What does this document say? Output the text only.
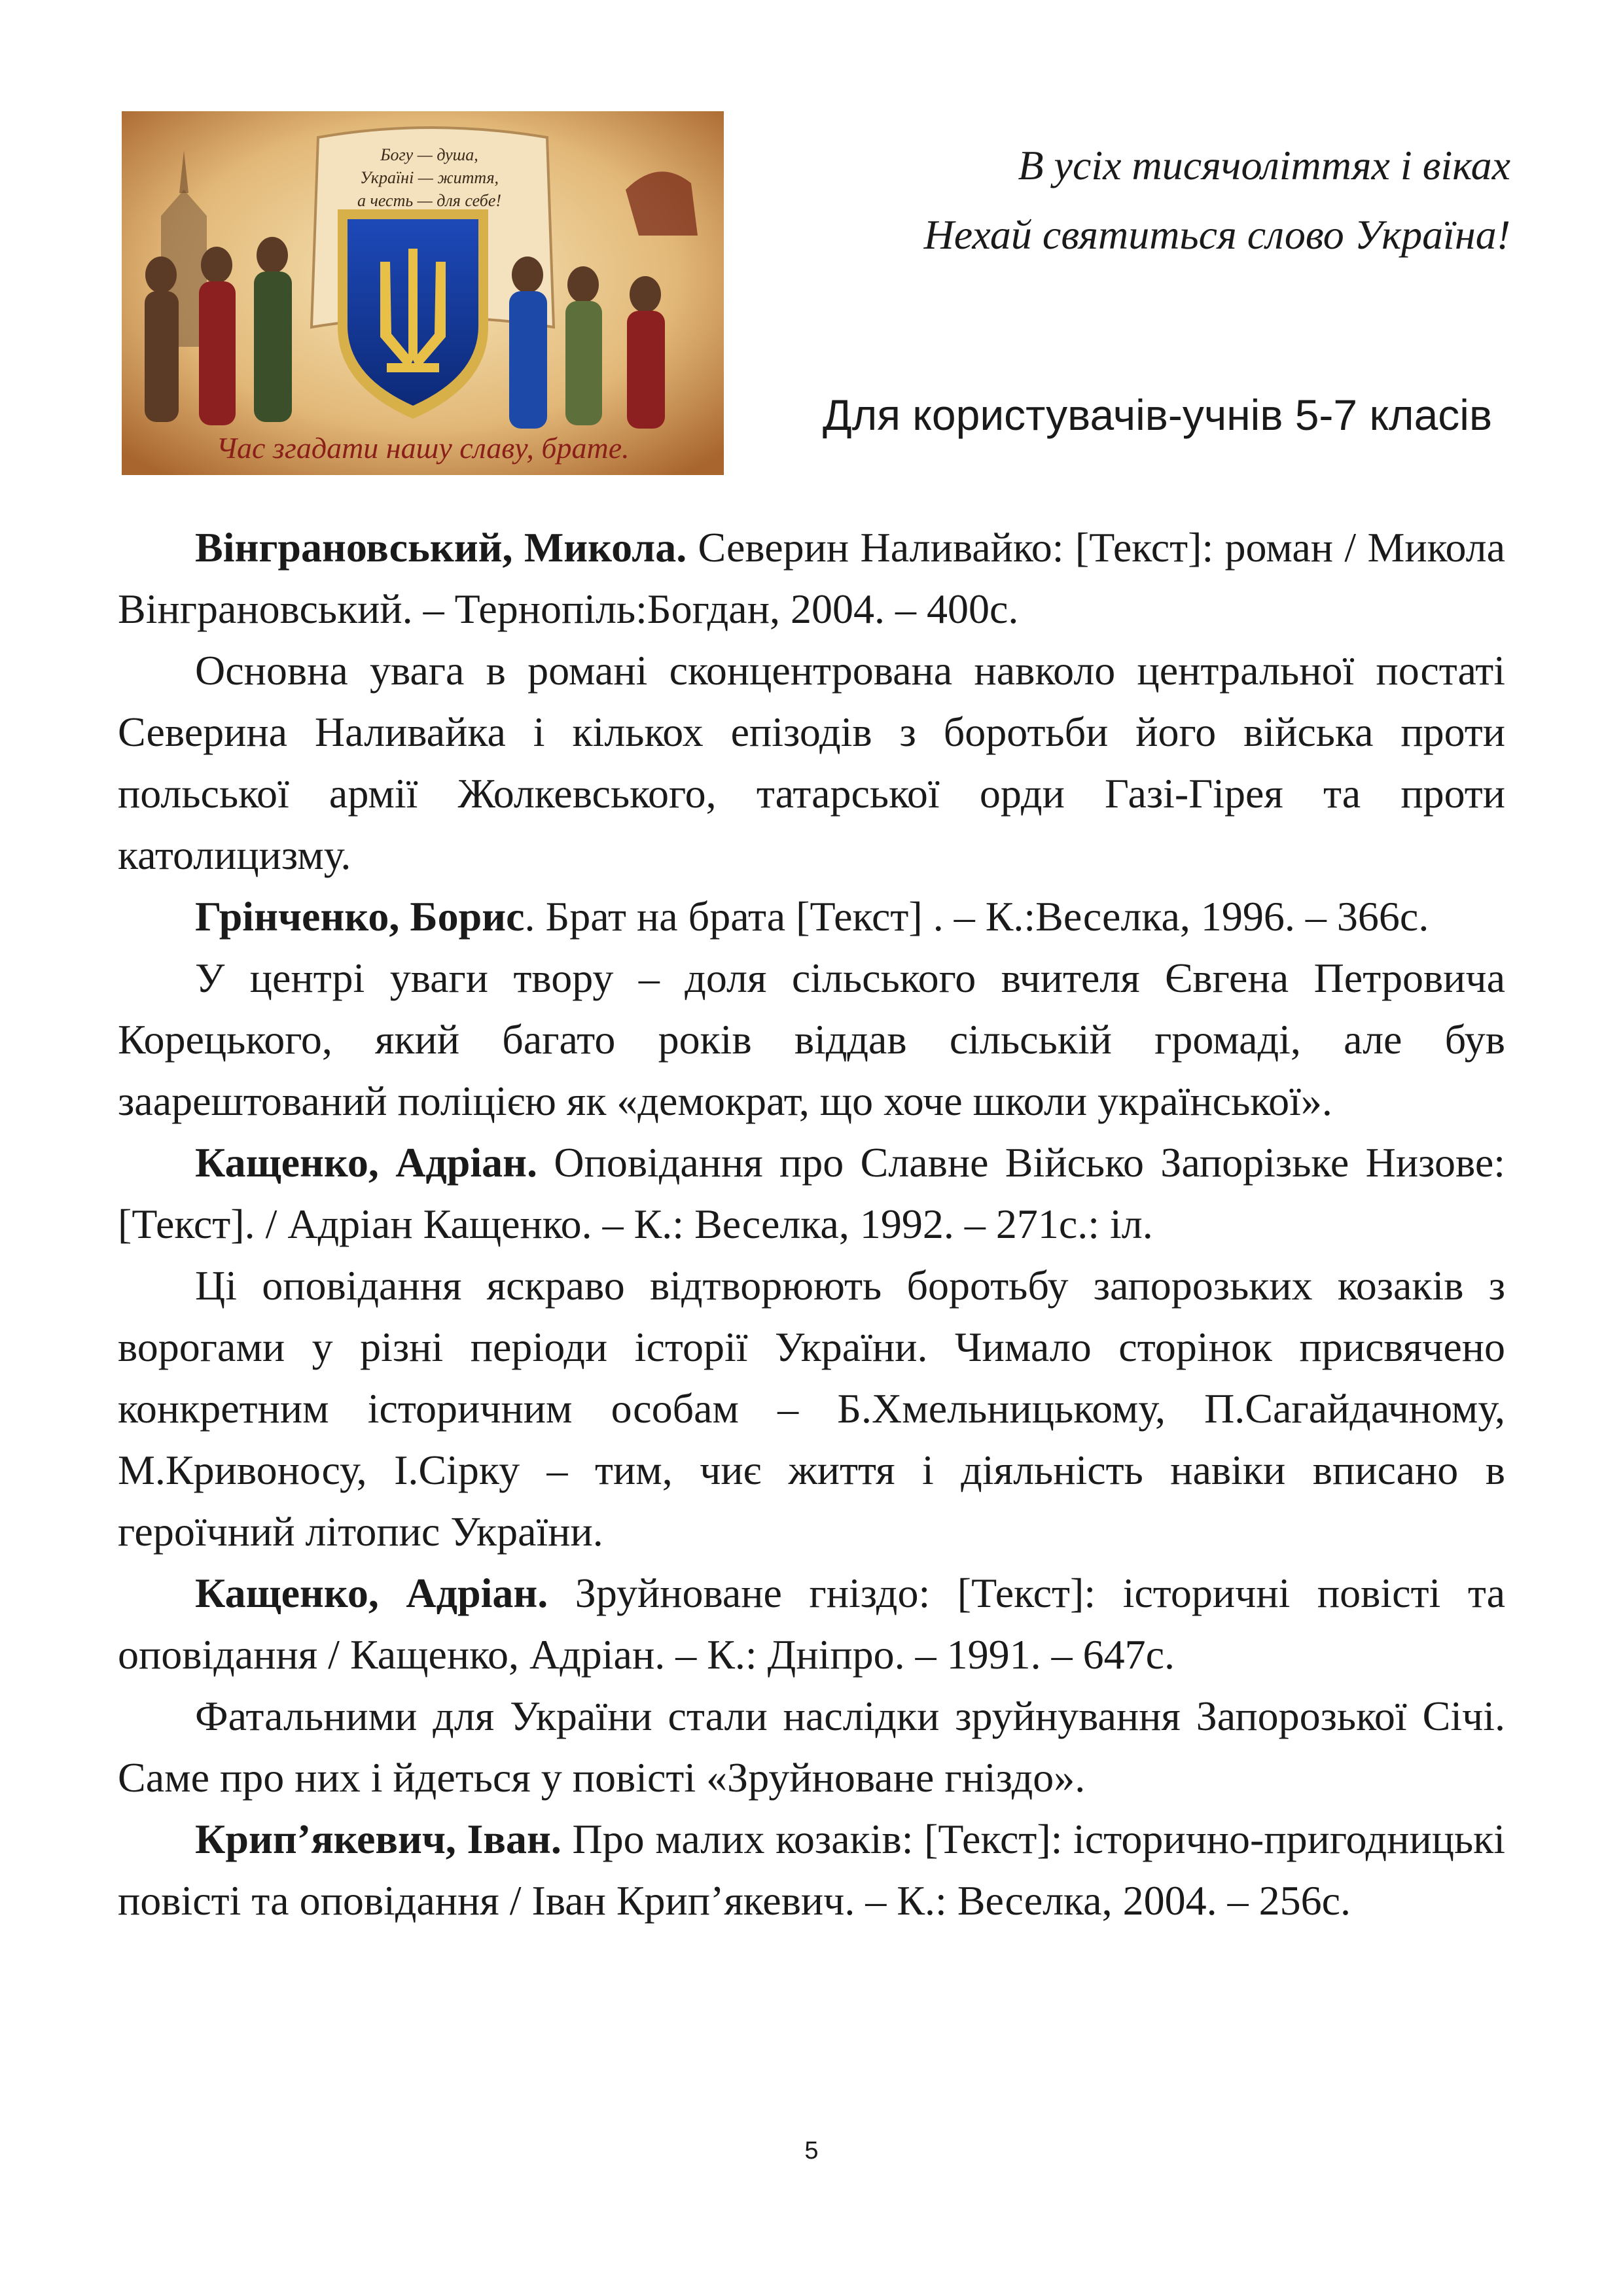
Богу — душа,
Україні — життя,
а честь — для себе!
Час згадати нашу славу, брате.
В усіх тисячоліттях і віках
Нехай святиться слово Україна!
Для користувачів-учнів 5-7 класів

Вінграновський, Микола. Северин Наливайко: [Текст]: роман / Микола Вінграновський. – Тернопіль:Богдан, 2004. – 400с.

Основна увага в романі сконцентрована навколо центральної постаті Северина Наливайка і кількох епізодів з боротьби його війська проти польської армії Жолкевського, татарської орди Газі-Гірея та проти католицизму.

Грінченко, Борис. Брат на брата [Текст] . – К.:Веселка, 1996. – 366с.

У центрі уваги твору – доля сільського вчителя Євгена Петровича Корецького, який багато років віддав сільській громаді, але був заарештований поліцією як «демократ, що хоче школи української».

Кащенко, Адріан. Оповідання про Славне Військо Запорізьке Низове: [Текст]. / Адріан Кащенко. – К.: Веселка, 1992. – 271с.: іл.

Ці оповідання яскраво відтворюють боротьбу запорозьких козаків з ворогами у різні періоди історії України. Чимало сторінок присвячено конкретним історичним особам – Б.Хмельницькому, П.Сагайдачному, М.Кривоносу, І.Сірку – тим, чиє життя і діяльність навіки вписано в героїчний літопис України.

Кащенко, Адріан. Зруйноване гніздо: [Текст]: історичні повісті та оповідання / Кащенко, Адріан. – К.: Дніпро. – 1991. – 647с.

Фатальними для України стали наслідки зруйнування Запорозької Січі. Саме про них і йдеться у повісті «Зруйноване гніздо».

Крип’якевич, Іван. Про малих козаків: [Текст]: історично-пригодницькі повісті та оповідання / Іван Крип’якевич. – К.: Веселка, 2004. – 256с.

5
